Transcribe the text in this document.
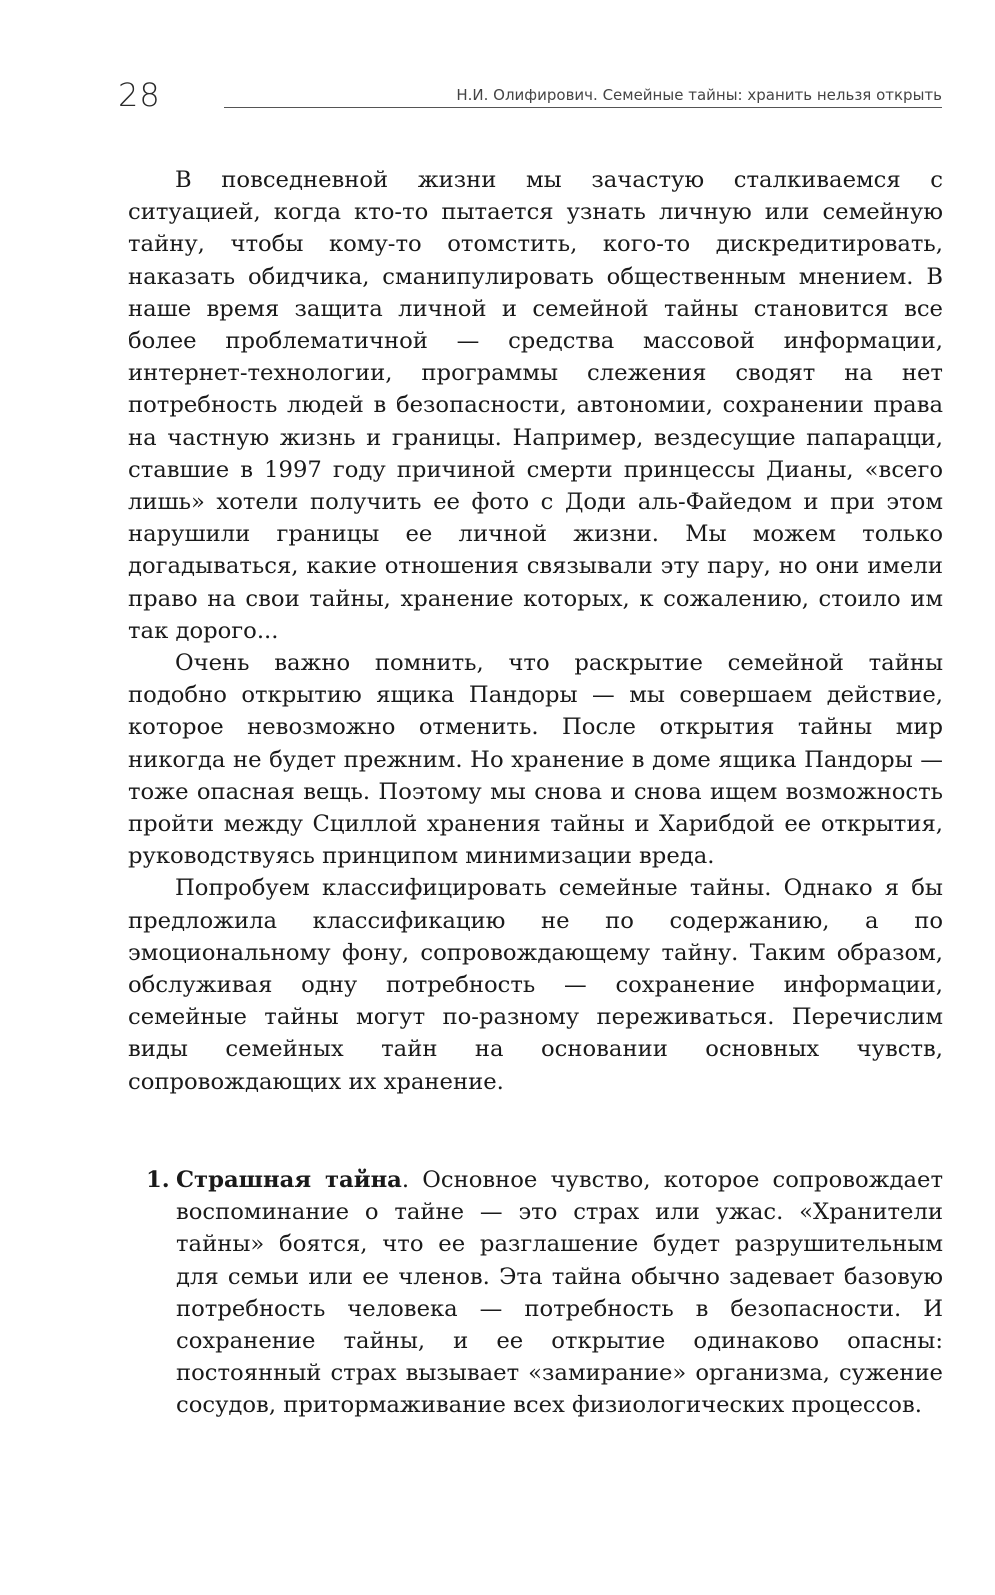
28	Н.И. Олифирович. Семейные тайны: хранить нельзя открыть

В повседневной жизни мы зачастую сталкиваемся с ситуацией, когда кто-то пытается узнать личную или семейную тайну, чтобы кому-то отомстить, кого-то дискредитировать, наказать обидчика, сманипулировать общественным мнением. В наше время защита личной и семейной тайны становится все более проблематичной — средства массовой информации, интернет-технологии, программы слежения сводят на нет потребность людей в безопасности, автономии, сохранении права на частную жизнь и границы. Например, вездесущие папарацци, ставшие в 1997 году причиной смерти принцессы Дианы, «всего лишь» хотели получить ее фото с Доди аль-Файедом и при этом нарушили границы ее личной жизни. Мы можем только догадываться, какие отношения связывали эту пару, но они имели право на свои тайны, хранение которых, к сожалению, стоило им так дорого...

Очень важно помнить, что раскрытие семейной тайны подобно открытию ящика Пандоры — мы совершаем действие, которое невозможно отменить. После открытия тайны мир никогда не будет прежним. Но хранение в доме ящика Пандоры — тоже опасная вещь. Поэтому мы снова и снова ищем возможность пройти между Сциллой хранения тайны и Харибдой ее открытия, руководствуясь принципом минимизации вреда.

Попробуем классифицировать семейные тайны. Однако я бы предложила классификацию не по содержанию, а по эмоциональному фону, сопровождающему тайну. Таким образом, обслуживая одну потребность — сохранение информации, семейные тайны могут по-разному переживаться. Перечислим виды семейных тайн на основании основных чувств, сопровождающих их хранение.

1. Страшная тайна. Основное чувство, которое сопровождает воспоминание о тайне — это страх или ужас. «Хранители тайны» боятся, что ее разглашение будет разрушительным для семьи или ее членов. Эта тайна обычно задевает базовую потребность человека — потребность в безопасности. И сохранение тайны, и ее открытие одинаково опасны: постоянный страх вызывает «замирание» организма, сужение сосудов, притормаживание всех физиологических процессов.
